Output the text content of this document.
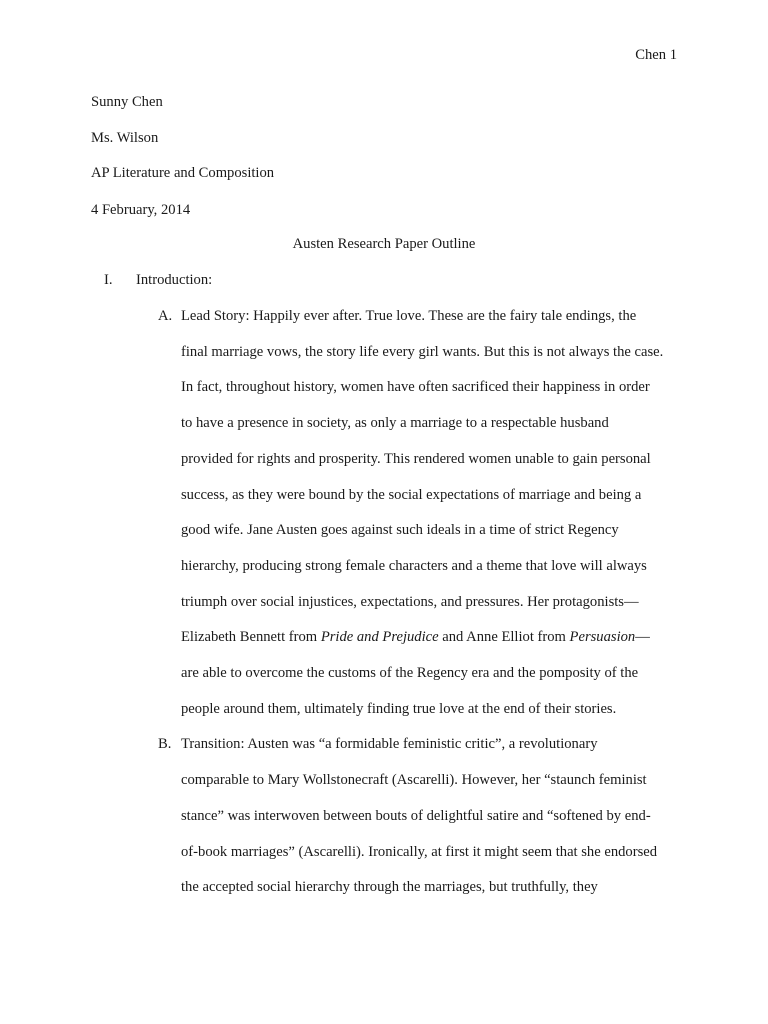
Chen 1
Sunny Chen
Ms. Wilson
AP Literature and Composition
4 February, 2014
Austen Research Paper Outline
I. Introduction:
A. Lead Story: Happily ever after. True love. These are the fairy tale endings, the
final marriage vows, the story life every girl wants. But this is not always the case.
In fact, throughout history, women have often sacrificed their happiness in order
to have a presence in society, as only a marriage to a respectable husband
provided for rights and prosperity. This rendered women unable to gain personal
success, as they were bound by the social expectations of marriage and being a
good wife. Jane Austen goes against such ideals in a time of strict Regency
hierarchy, producing strong female characters and a theme that love will always
triumph over social injustices, expectations, and pressures. Her protagonists—
Elizabeth Bennett from Pride and Prejudice and Anne Elliot from Persuasion—
are able to overcome the customs of the Regency era and the pomposity of the
people around them, ultimately finding true love at the end of their stories.
B. Transition: Austen was “a formidable feministic critic”, a revolutionary
comparable to Mary Wollstonecraft (Ascarelli). However, her “staunch feminist
stance” was interwoven between bouts of delightful satire and “softened by end-
of-book marriages” (Ascarelli). Ironically, at first it might seem that she endorsed
the accepted social hierarchy through the marriages, but truthfully, they
